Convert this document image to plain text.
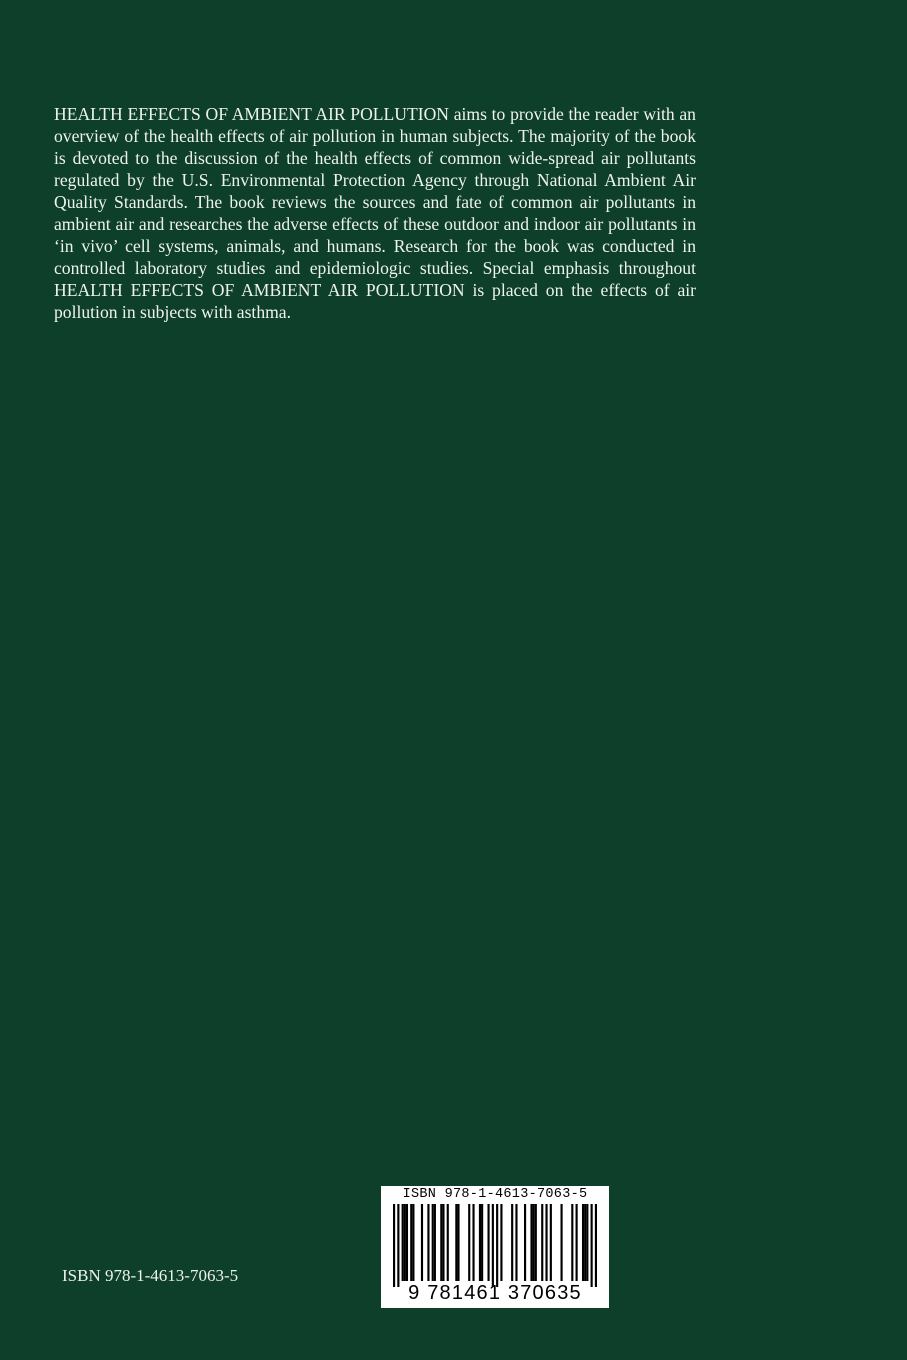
HEALTH EFFECTS OF AMBIENT AIR POLLUTION aims to provide the reader with an overview of the health effects of air pollution in human subjects. The majority of the book is devoted to the discussion of the health effects of common wide-spread air pollutants regulated by the U.S. Environmental Protection Agency through National Ambient Air Quality Standards. The book reviews the sources and fate of common air pollutants in ambient air and researches the adverse effects of these outdoor and indoor air pollutants in ‘in vivo’ cell systems, animals, and humans. Research for the book was conducted in controlled laboratory studies and epidemiologic studies. Special emphasis throughout HEALTH EFFECTS OF AMBIENT AIR POLLUTION is placed on the effects of air pollution in subjects with asthma.

ISBN 978-1-4613-7063-5
ISBN 978-1-4613-7063-5
9 781461 370635
